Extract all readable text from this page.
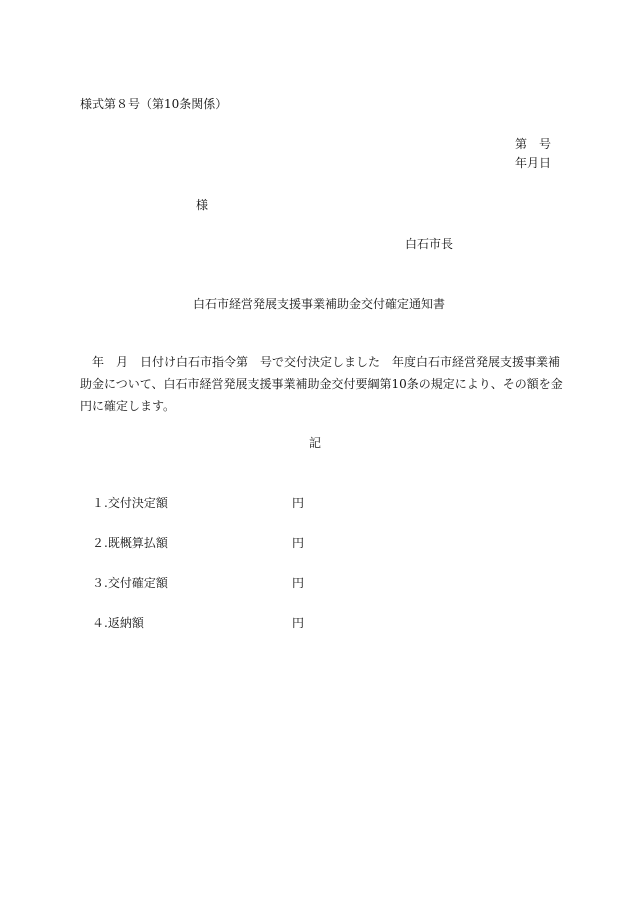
様式第８号（第10条関係）
第　号
年月日
様
白石市長
白石市経営発展支援事業補助金交付確定通知書
　年　月　日付け白石市指令第　号で交付決定しました　年度白石市経営発展支援事業補
助金について、白石市経営発展支援事業補助金交付要綱第10条の規定により、その額を金
円に確定します。
記
１.交付決定額	円
２.既概算払額	円
３.交付確定額	円
４.返納額	円
